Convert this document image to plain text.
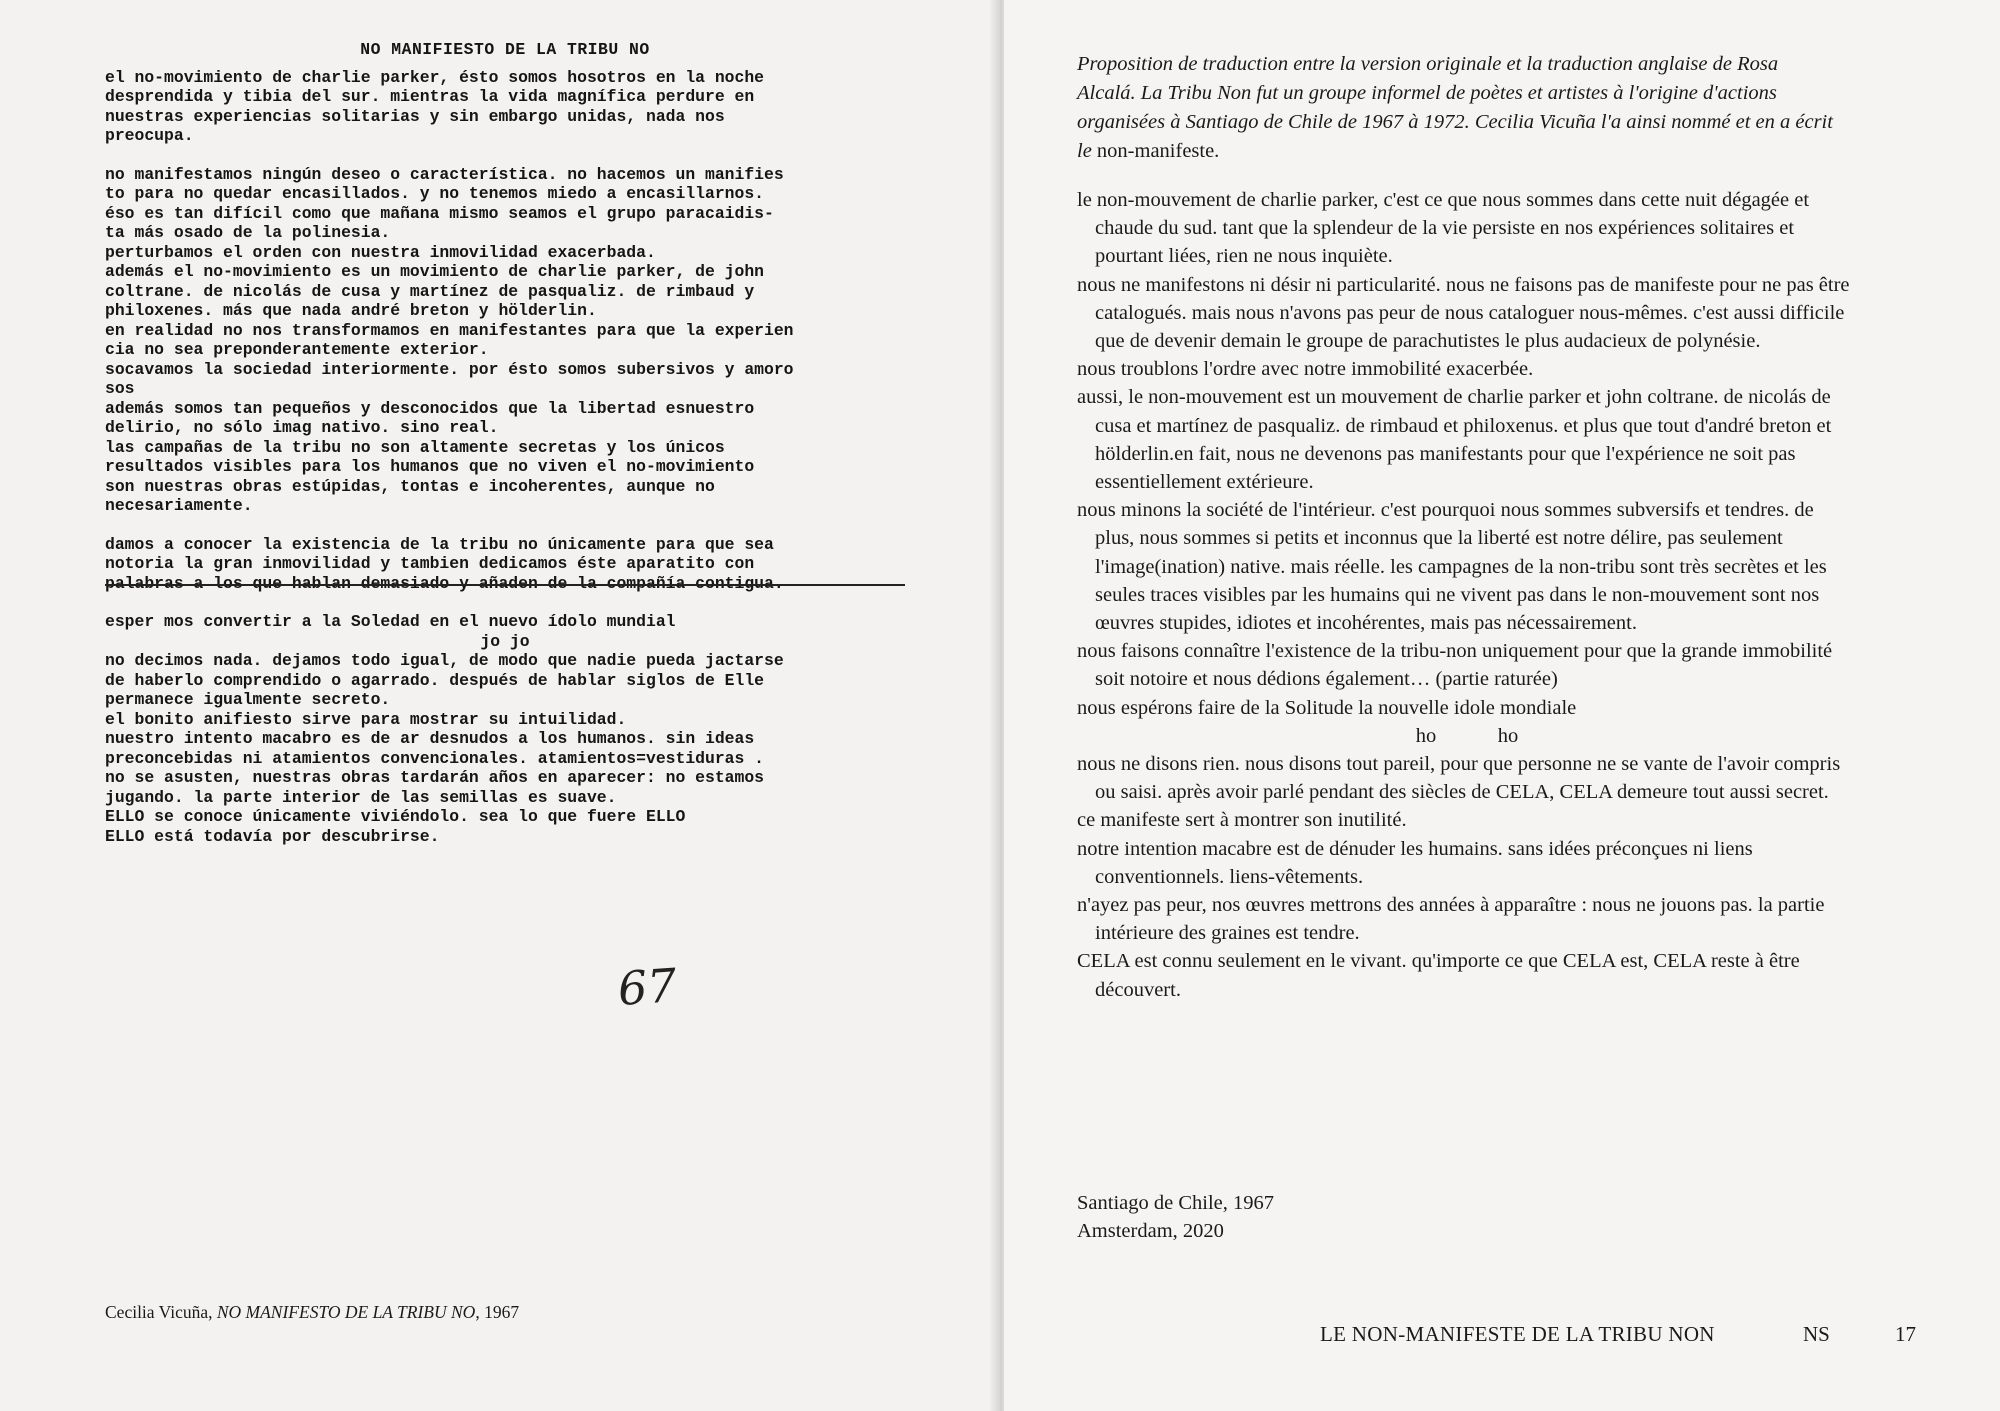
NO MANIFIESTO DE LA TRIBU NO
el no-movimiento de charlie parker, ésto somos hosotros en la noche
desprendida y tibia del sur. mientras la vida magnífica perdure en
nuestras experiencias solitarias y sin embargo unidas, nada nos
preocupa.
no manifestamos ningún deseo o característica. no hacemos un manifies
to para no quedar encasillados. y no tenemos miedo a encasillarnos.
éso es tan difícil como que mañana mismo seamos el grupo paracaidis-
ta más osado de la polinesia.
perturbamos el orden con nuestra inmovilidad exacerbada.
además el no-movimiento es un movimiento de charlie parker, de john
coltrane. de nicolás de cusa y martínez de pasqualiz. de rimbaud y
philoxenes. más que nada andré breton y hölderlin.
en realidad no nos transformamos en manifestantes para que la experien
cia no sea preponderantemente exterior.
socavamos la sociedad interiormente. por ésto somos subersivos y amoro
sos
además somos tan pequeños y desconocidos que la libertad esnuestro
delirio, no sólo imag nativo. sino real.
las campañas de la tribu no son altamente secretas y los únicos
resultados visibles para los humanos que no viven el no-movimiento
son nuestras obras estúpidas, tontas e incoherentes, aunque no
necesariamente.
damos a conocer la existencia de la tribu no únicamente para que sea
notoria la gran inmovilidad y tambien dedicamos éste aparatito con
palabras a los que hablan demasiado y añaden de la compañía contigua.
esper mos convertir a la Soledad en el nuevo ídolo mundial
jo jo
no decimos nada. dejamos todo igual, de modo que nadie pueda jactarse
de haberlo comprendido o agarrado. después de hablar siglos de Elle
permanece igualmente secreto.
el bonito anifiesto sirve para mostrar su intuilidad.
nuestro intento macabro es de ar desnudos a los humanos. sin ideas
preconcebidas ni atamientos convencionales. atamientos=vestiduras .
no se asusten, nuestras obras tardarán años en aparecer: no estamos
jugando. la parte interior de las semillas es suave.
ELLO se conoce únicamente viviéndolo. sea lo que fuere ELLO
ELLO está todavía por descubrirse.
67
Cecilia Vicuña, NO MANIFESTO DE LA TRIBU NO, 1967
Proposition de traduction entre la version originale et la traduction anglaise de Rosa Alcalá. La Tribu Non fut un groupe informel de poètes et artistes à l'origine d'actions organisées à Santiago de Chile de 1967 à 1972. Cecilia Vicuña l'a ainsi nommé et en a écrit le non-manifeste.

le non-mouvement de charlie parker, c'est ce que nous sommes dans cette nuit dégagée et chaude du sud. tant que la splendeur de la vie persiste en nos expériences solitaires et pourtant liées, rien ne nous inquiète.

nous ne manifestons ni désir ni particularité. nous ne faisons pas de manifeste pour ne pas être catalogués. mais nous n'avons pas peur de nous cataloguer nous-mêmes. c'est aussi difficile que de devenir demain le groupe de parachutistes le plus audacieux de polynésie.

nous troublons l'ordre avec notre immobilité exacerbée.

aussi, le non-mouvement est un mouvement de charlie parker et john coltrane. de nicolás de cusa et martínez de pasqualiz. de rimbaud et philoxenus. et plus que tout d'andré breton et hölderlin.en fait, nous ne devenons pas manifestants pour que l'expérience ne soit pas essentiellement extérieure.

nous minons la société de l'intérieur. c'est pourquoi nous sommes subversifs et tendres. de plus, nous sommes si petits et inconnus que la liberté est notre délire, pas seulement l'image(ination) native. mais réelle. les campagnes de la non-tribu sont très secrètes et les seules traces visibles par les humains qui ne vivent pas dans le non-mouvement sont nos œuvres stupides, idiotes et incohérentes, mais pas nécessairement.

nous faisons connaître l'existence de la tribu-non uniquement pour que la grande immobilité soit notoire et nous dédions également… (partie raturée)

nous espérons faire de la Solitude la nouvelle idole mondiale

ho   ho

nous ne disons rien. nous disons tout pareil, pour que personne ne se vante de l'avoir compris ou saisi. après avoir parlé pendant des siècles de CELA, CELA demeure tout aussi secret.

ce manifeste sert à montrer son inutilité.

notre intention macabre est de dénuder les humains. sans idées préconçues ni liens conventionnels. liens-vêtements.

n'ayez pas peur, nos œuvres mettrons des années à apparaître : nous ne jouons pas. la partie intérieure des graines est tendre.

CELA est connu seulement en le vivant. qu'importe ce que CELA est, CELA reste à être découvert.

Santiago de Chile, 1967
Amsterdam, 2020
LE NON-MANIFESTE DE LA TRIBU NON	NS	17
